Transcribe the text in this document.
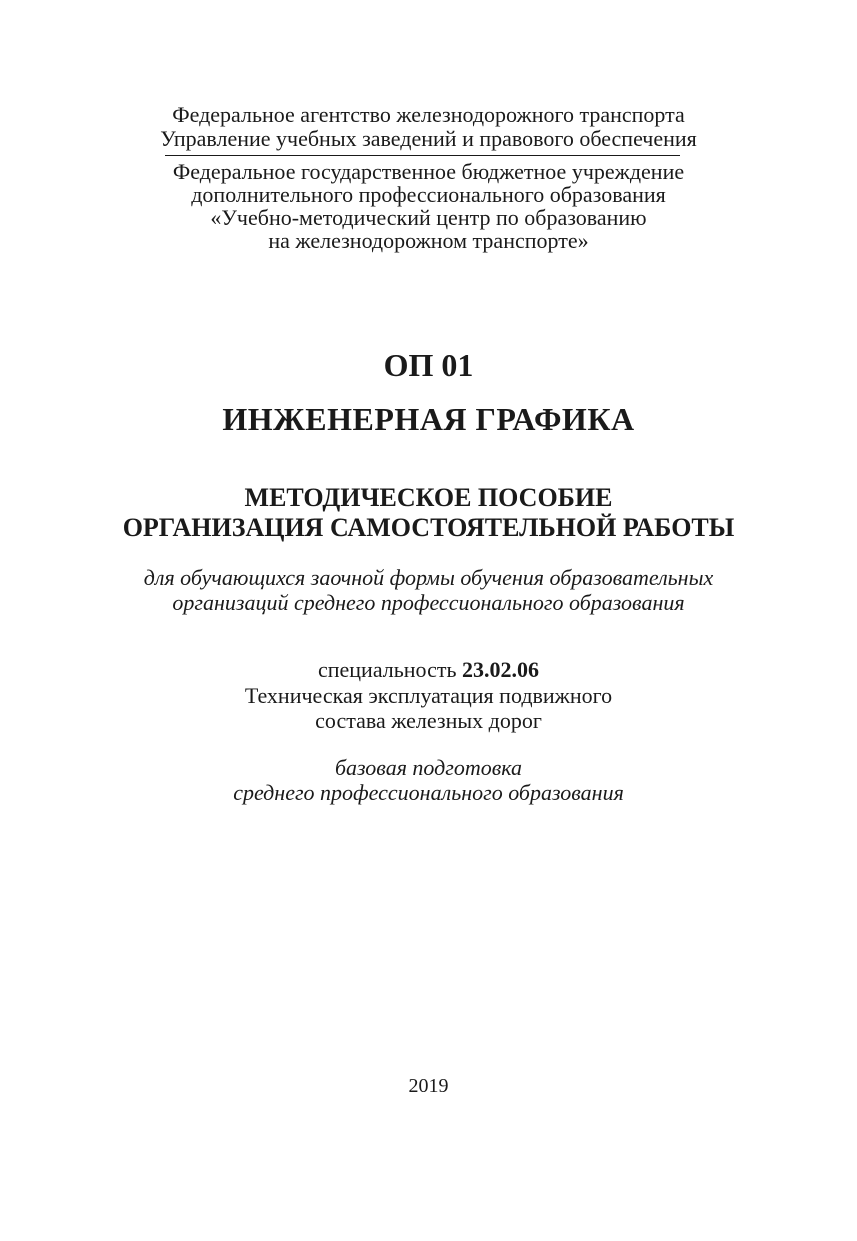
Федеральное агентство железнодорожного транспорта
Управление учебных заведений и правового обеспечения
Федеральное государственное бюджетное учреждение
дополнительного профессионального образования
«Учебно-методический центр по образованию
на железнодорожном транспорте»
ОП 01
ИНЖЕНЕРНАЯ ГРАФИКА
МЕТОДИЧЕСКОЕ ПОСОБИЕ
ОРГАНИЗАЦИЯ САМОСТОЯТЕЛЬНОЙ РАБОТЫ
для обучающихся заочной формы обучения образовательных
организаций среднего профессионального образования
специальность 23.02.06
Техническая эксплуатация подвижного
состава железных дорог
базовая подготовка
среднего профессионального образования
2019
